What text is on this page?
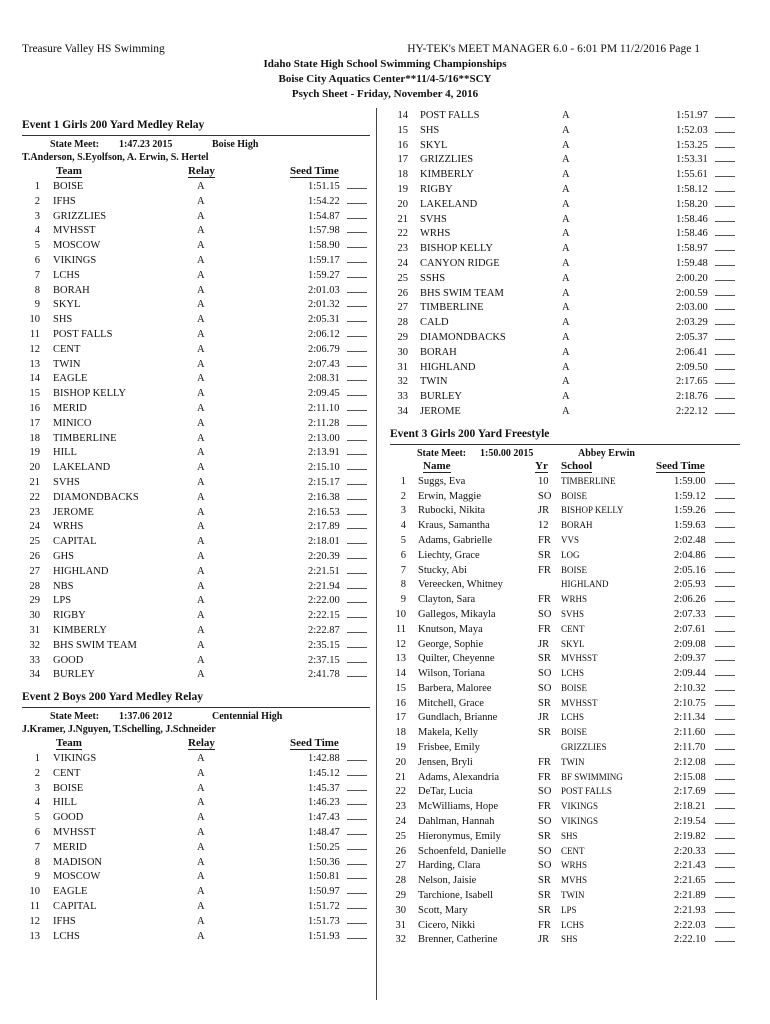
Treasure Valley HS Swimming	HY-TEK's MEET MANAGER 6.0 - 6:01 PM 11/2/2016 Page 1
Idaho State High School Swimming Championships
Boise City Aquatics Center**11/4-5/16**SCY
Psych Sheet - Friday, November 4, 2016
Event 1 Girls 200 Yard Medley Relay
State Meet: 1:47.23 2015	Boise High
T.Anderson, S.Eyolfson, A. Erwin, S. Hertel
Team	Relay	Seed Time
1 BOISE	A	1:51.15
2 IFHS	A	1:54.22
3 GRIZZLIES	A	1:54.87
4 MVHSST	A	1:57.98
5 MOSCOW	A	1:58.90
6 VIKINGS	A	1:59.17
7 LCHS	A	1:59.27
8 BORAH	A	2:01.03
9 SKYL	A	2:01.32
10 SHS	A	2:05.31
11 POST FALLS	A	2:06.12
12 CENT	A	2:06.79
13 TWIN	A	2:07.43
14 EAGLE	A	2:08.31
15 BISHOP KELLY	A	2:09.45
16 MERID	A	2:11.10
17 MINICO	A	2:11.28
18 TIMBERLINE	A	2:13.00
19 HILL	A	2:13.91
20 LAKELAND	A	2:15.10
21 SVHS	A	2:15.17
22 DIAMONDBACKS	A	2:16.38
23 JEROME	A	2:16.53
24 WRHS	A	2:17.89
25 CAPITAL	A	2:18.01
26 GHS	A	2:20.39
27 HIGHLAND	A	2:21.51
28 NBS	A	2:21.94
29 LPS	A	2:22.00
30 RIGBY	A	2:22.15
31 KIMBERLY	A	2:22.87
32 BHS SWIM TEAM	A	2:35.15
33 GOOD	A	2:37.15
34 BURLEY	A	2:41.78
Event 2 Boys 200 Yard Medley Relay
State Meet: 1:37.06 2012	Centennial High
J.Kramer, J.Nguyen, T.Schelling, J.Schneider
Team	Relay	Seed Time
1 VIKINGS	A	1:42.88
2 CENT	A	1:45.12
3 BOISE	A	1:45.37
4 HILL	A	1:46.23
5 GOOD	A	1:47.43
6 MVHSST	A	1:48.47
7 MERID	A	1:50.25
8 MADISON	A	1:50.36
9 MOSCOW	A	1:50.81
10 EAGLE	A	1:50.97
11 CAPITAL	A	1:51.72
12 IFHS	A	1:51.73
13 LCHS	A	1:51.93
14 POST FALLS	A	1:51.97
15 SHS	A	1:52.03
16 SKYL	A	1:53.25
17 GRIZZLIES	A	1:53.31
18 KIMBERLY	A	1:55.61
19 RIGBY	A	1:58.12
20 LAKELAND	A	1:58.20
21 SVHS	A	1:58.46
22 WRHS	A	1:58.46
23 BISHOP KELLY	A	1:58.97
24 CANYON RIDGE	A	1:59.48
25 SSHS	A	2:00.20
26 BHS SWIM TEAM	A	2:00.59
27 TIMBERLINE	A	2:03.00
28 CALD	A	2:03.29
29 DIAMONDBACKS	A	2:05.37
30 BORAH	A	2:06.41
31 HIGHLAND	A	2:09.50
32 TWIN	A	2:17.65
33 BURLEY	A	2:18.76
34 JEROME	A	2:22.12
Event 3 Girls 200 Yard Freestyle
State Meet: 1:50.00 2015	Abbey Erwin
Name	Yr School	Seed Time
1 Suggs, Eva	10 TIMBERLINE	1:59.00
2 Erwin, Maggie	SO BOISE	1:59.12
3 Rubocki, Nikita	JR BISHOP KELLY	1:59.26
4 Kraus, Samantha	12 BORAH	1:59.63
5 Adams, Gabrielle	FR VVS	2:02.48
6 Liechty, Grace	SR LOG	2:04.86
7 Stucky, Abi	FR BOISE	2:05.16
8 Vereecken, Whitney	HIGHLAND	2:05.93
9 Clayton, Sara	FR WRHS	2:06.26
10 Gallegos, Mikayla	SO SVHS	2:07.33
11 Knutson, Maya	FR CENT	2:07.61
12 George, Sophie	JR SKYL	2:09.08
13 Quilter, Cheyenne	SR MVHSST	2:09.37
14 Wilson, Toriana	SO LCHS	2:09.44
15 Barbera, Maloree	SO BOISE	2:10.32
16 Mitchell, Grace	SR MVHSST	2:10.75
17 Gundlach, Brianne	JR LCHS	2:11.34
18 Makela, Kelly	SR BOISE	2:11.60
19 Frisbee, Emily	GRIZZLIES	2:11.70
20 Jensen, Bryli	FR TWIN	2:12.08
21 Adams, Alexandria	FR BF SWIMMING	2:15.08
22 DeTar, Lucia	SO POST FALLS	2:17.69
23 McWilliams, Hope	FR VIKINGS	2:18.21
24 Dahlman, Hannah	SO VIKINGS	2:19.54
25 Hieronymus, Emily	SR SHS	2:19.82
26 Schoenfeld, Danielle	SO CENT	2:20.33
27 Harding, Clara	SO WRHS	2:21.43
28 Nelson, Jaisie	SR MVHS	2:21.65
29 Tarchione, Isabell	SR TWIN	2:21.89
30 Scott, Mary	SR LPS	2:21.93
31 Cicero, Nikki	FR LCHS	2:22.03
32 Brenner, Catherine	JR SHS	2:22.10
